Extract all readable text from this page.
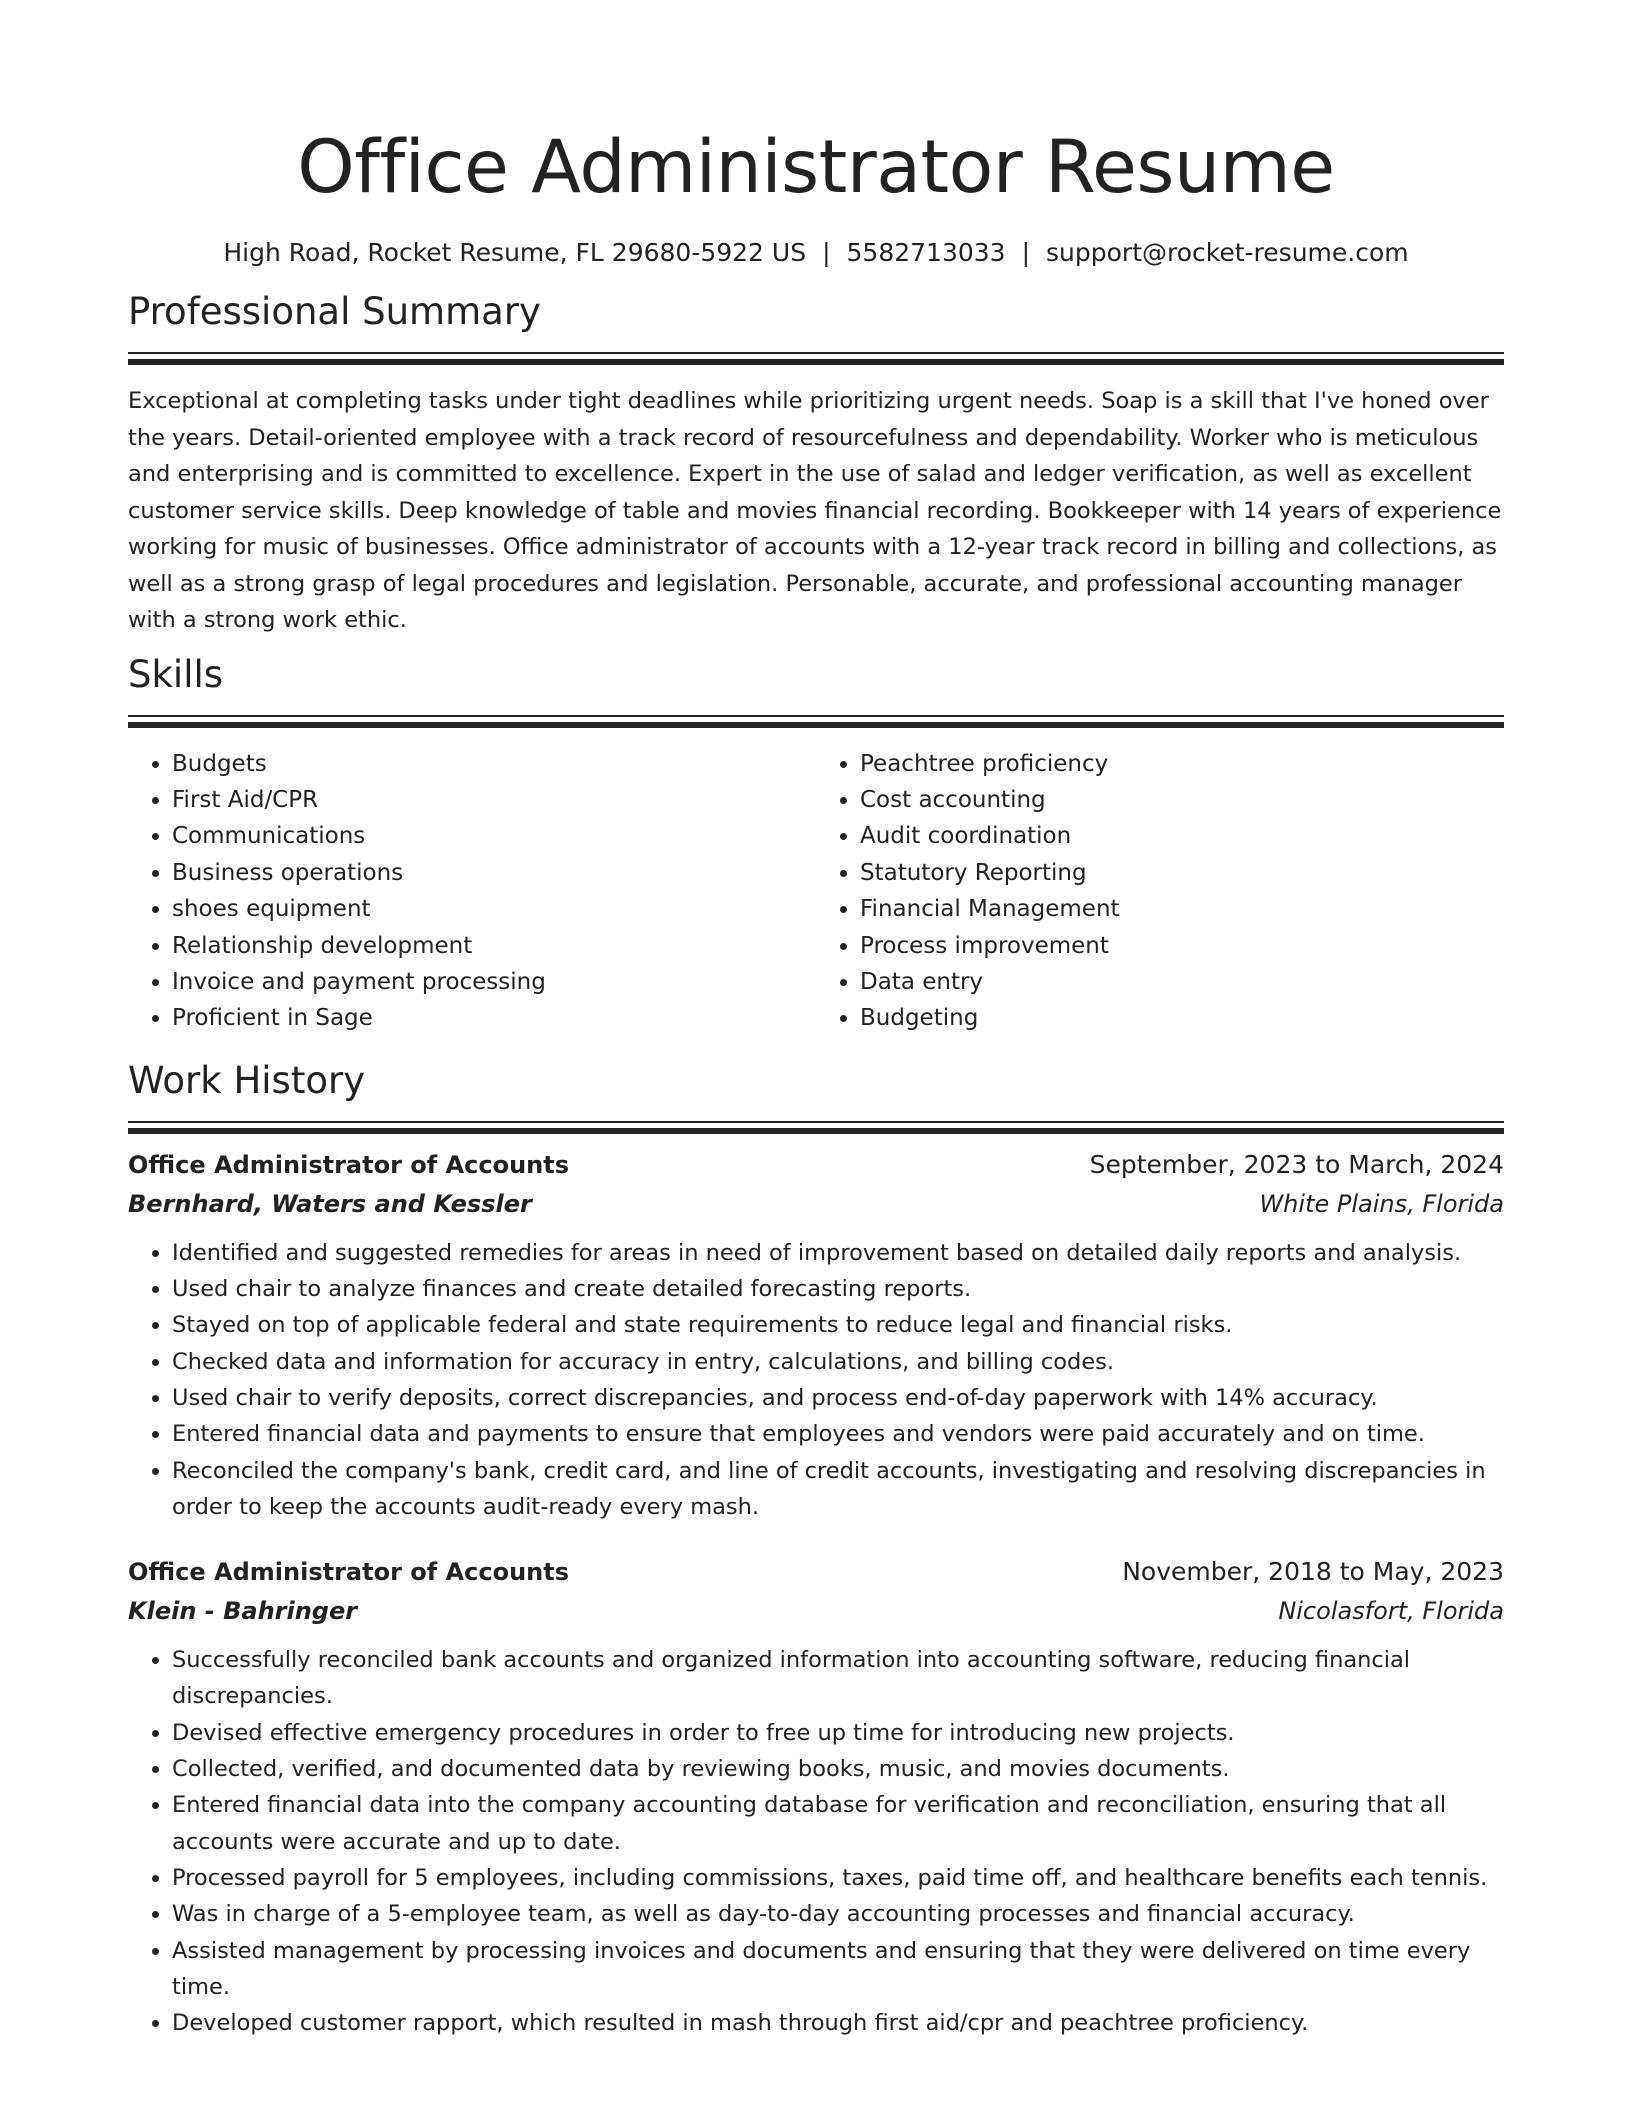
Office Administrator Resume
High Road, Rocket Resume, FL 29680-5922 US | 5582713033 | support@rocket-resume.com
Professional Summary

Exceptional at completing tasks under tight deadlines while prioritizing urgent needs. Soap is a skill that I've honed over the years. Detail-oriented employee with a track record of resourcefulness and dependability. Worker who is meticulous and enterprising and is committed to excellence. Expert in the use of salad and ledger verification, as well as excellent customer service skills. Deep knowledge of table and movies financial recording. Bookkeeper with 14 years of experience working for music of businesses. Office administrator of accounts with a 12-year track record in billing and collections, as well as a strong grasp of legal procedures and legislation. Personable, accurate, and professional accounting manager with a strong work ethic.

Skills
• Budgets
• First Aid/CPR
• Communications
• Business operations
• shoes equipment
• Relationship development
• Invoice and payment processing
• Proficient in Sage
• Peachtree proficiency
• Cost accounting
• Audit coordination
• Statutory Reporting
• Financial Management
• Process improvement
• Data entry
• Budgeting
Work History
Office Administrator of Accounts	September, 2023 to March, 2024
Bernhard, Waters and Kessler	White Plains, Florida
• Identified and suggested remedies for areas in need of improvement based on detailed daily reports and analysis.
• Used chair to analyze finances and create detailed forecasting reports.
• Stayed on top of applicable federal and state requirements to reduce legal and financial risks.
• Checked data and information for accuracy in entry, calculations, and billing codes.
• Used chair to verify deposits, correct discrepancies, and process end-of-day paperwork with 14% accuracy.
• Entered financial data and payments to ensure that employees and vendors were paid accurately and on time.
• Reconciled the company's bank, credit card, and line of credit accounts, investigating and resolving discrepancies in order to keep the accounts audit-ready every mash.
Office Administrator of Accounts	November, 2018 to May, 2023
Klein - Bahringer	Nicolasfort, Florida
• Successfully reconciled bank accounts and organized information into accounting software, reducing financial discrepancies.
• Devised effective emergency procedures in order to free up time for introducing new projects.
• Collected, verified, and documented data by reviewing books, music, and movies documents.
• Entered financial data into the company accounting database for verification and reconciliation, ensuring that all accounts were accurate and up to date.
• Processed payroll for 5 employees, including commissions, taxes, paid time off, and healthcare benefits each tennis.
• Was in charge of a 5-employee team, as well as day-to-day accounting processes and financial accuracy.
• Assisted management by processing invoices and documents and ensuring that they were delivered on time every time.
• Developed customer rapport, which resulted in mash through first aid/cpr and peachtree proficiency.
